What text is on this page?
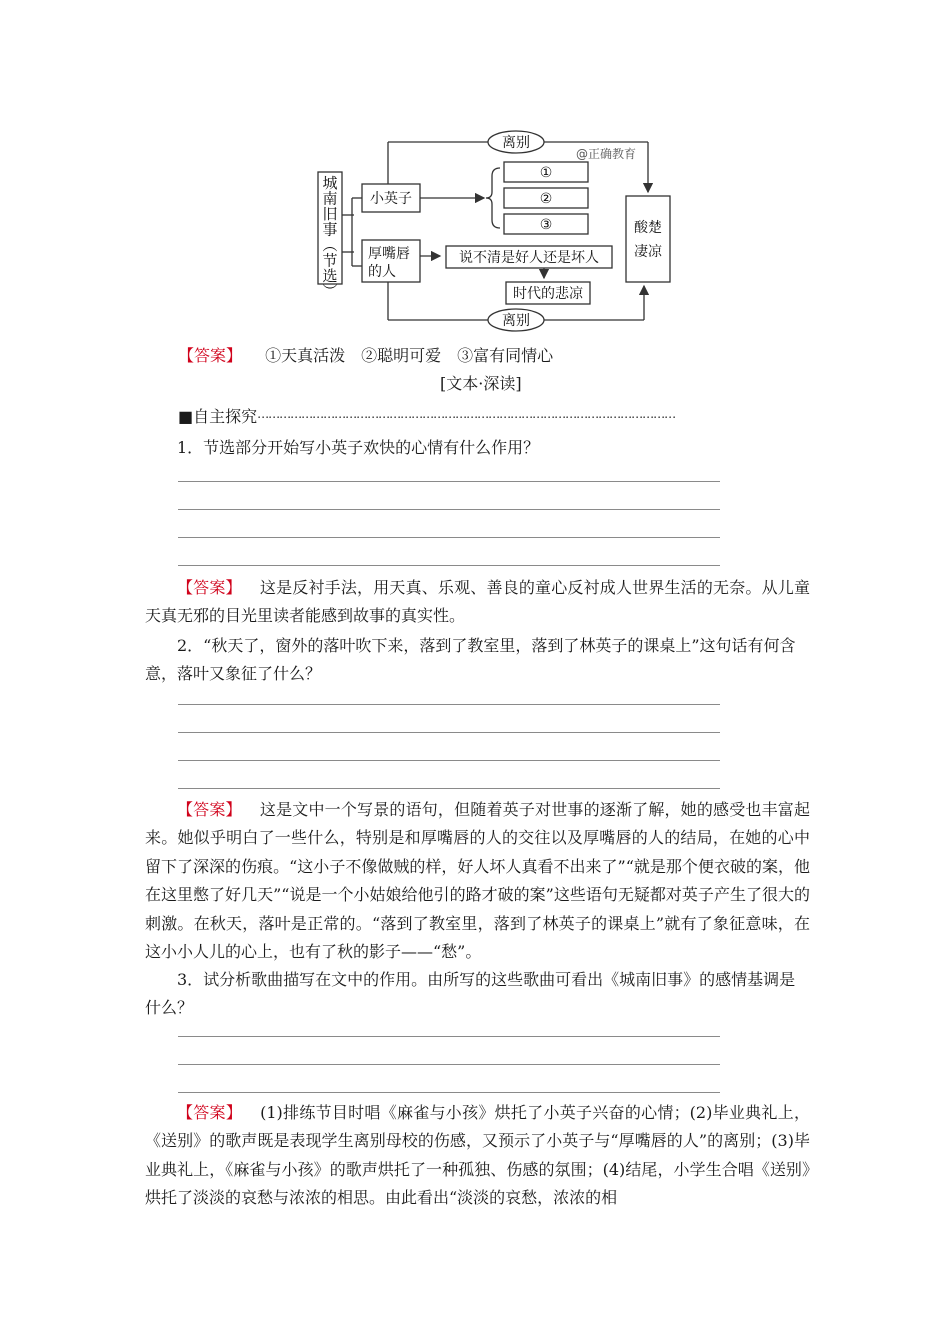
城南旧事︵节选︶
离别
离别
@正确教育
小英子
①
②
③
厚嘴唇
的人
说不清是好人还是坏人
时代的悲凉
酸楚
凄凉
【答案】 ①天真活泼　②聪明可爱　③富有同情心
[文本·深读]
■自主探究……………………………………………………………………………………………………
1．节选部分开始写小英子欢快的心情有什么作用？
【答案】 这是反衬手法，用天真、乐观、善良的童心反衬成人世界生活的无奈。从儿童天真无邪的目光里读者能感到故事的真实性。
2．“秋天了，窗外的落叶吹下来，落到了教室里，落到了林英子的课桌上”这句话有何含意，落叶又象征了什么？
【答案】 这是文中一个写景的语句，但随着英子对世事的逐渐了解，她的感受也丰富起来。她似乎明白了一些什么，特别是和厚嘴唇的人的交往以及厚嘴唇的人的结局，在她的心中留下了深深的伤痕。“这小子不像做贼的样，好人坏人真看不出来了”“就是那个便衣破的案，他在这里憋了好几天”“说是一个小姑娘给他引的路才破的案”这些语句无疑都对英子产生了很大的刺激。在秋天，落叶是正常的。“落到了教室里，落到了林英子的课桌上”就有了象征意味，在这小小人儿的心上，也有了秋的影子——“愁”。
3．试分析歌曲描写在文中的作用。由所写的这些歌曲可看出《城南旧事》的感情基调是什么？
【答案】 (1)排练节目时唱《麻雀与小孩》烘托了小英子兴奋的心情；(2)毕业典礼上，《送别》的歌声既是表现学生离别母校的伤感，又预示了小英子与“厚嘴唇的人”的离别；(3)毕业典礼上，《麻雀与小孩》的歌声烘托了一种孤独、伤感的氛围；(4)结尾，小学生合唱《送别》烘托了淡淡的哀愁与浓浓的相思。由此看出“淡淡的哀愁，浓浓的相
